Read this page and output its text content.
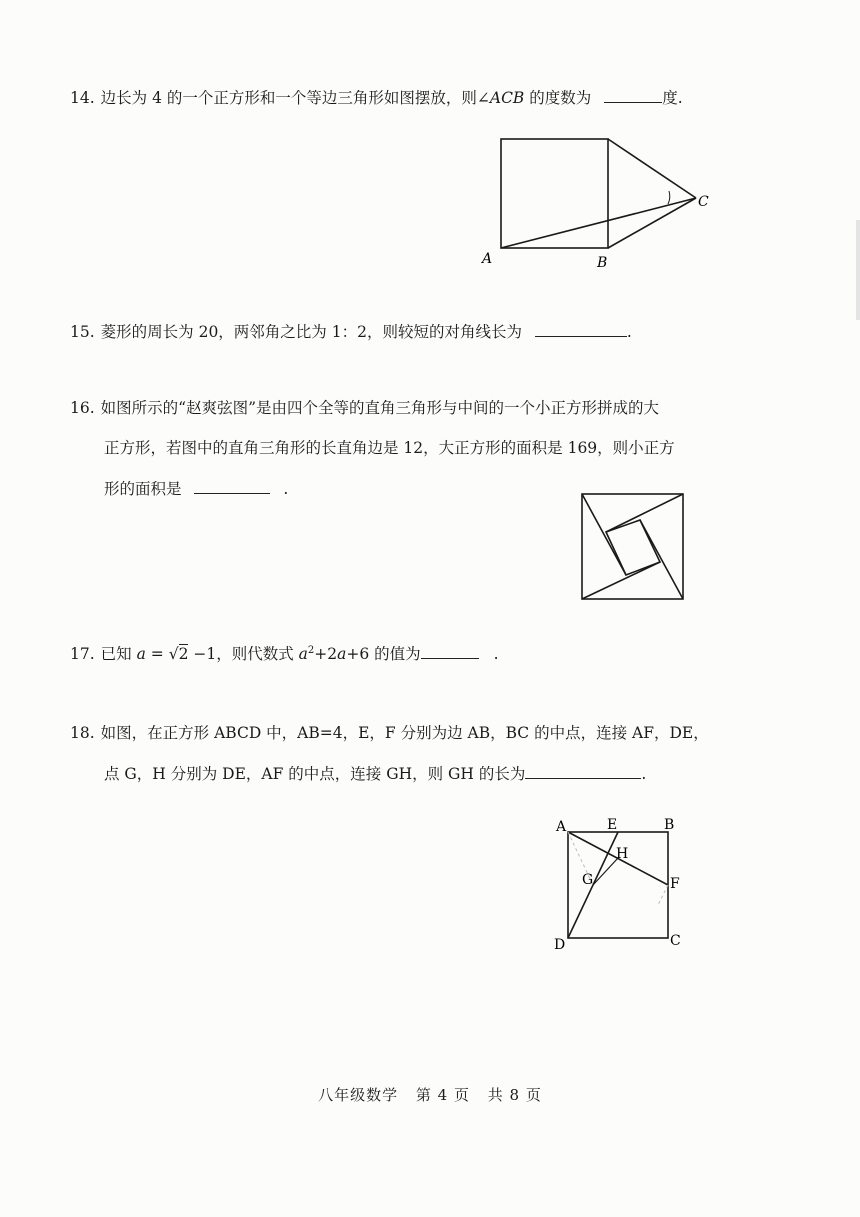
14. 边长为 4 的一个正方形和一个等边三角形如图摆放，则∠ACB 的度数为	度.
A	B
C
15. 菱形的周长为 20，两邻角之比为 1：2，则较短的对角线长为	.
16. 如图所示的“赵爽弦图”是由四个全等的直角三角形与中间的一个小正方形拼成的大
正方形，若图中的直角三角形的长直角边是 12，大正方形的面积是 169，则小正方
形的面积是	.
17. 已知 a = √2 −1，则代数式 $a^2+2a+6$ 的值为	.
18. 如图，在正方形 ABCD 中，AB=4，E，F 分别为边 AB，BC 的中点，连接 AF，DE，
点 G，H 分别为 DE，AF 的中点，连接 GH，则 GH 的长为	.
A	E	B
H
G	F
D	C
八年级数学 第 4 页 共 8 页
